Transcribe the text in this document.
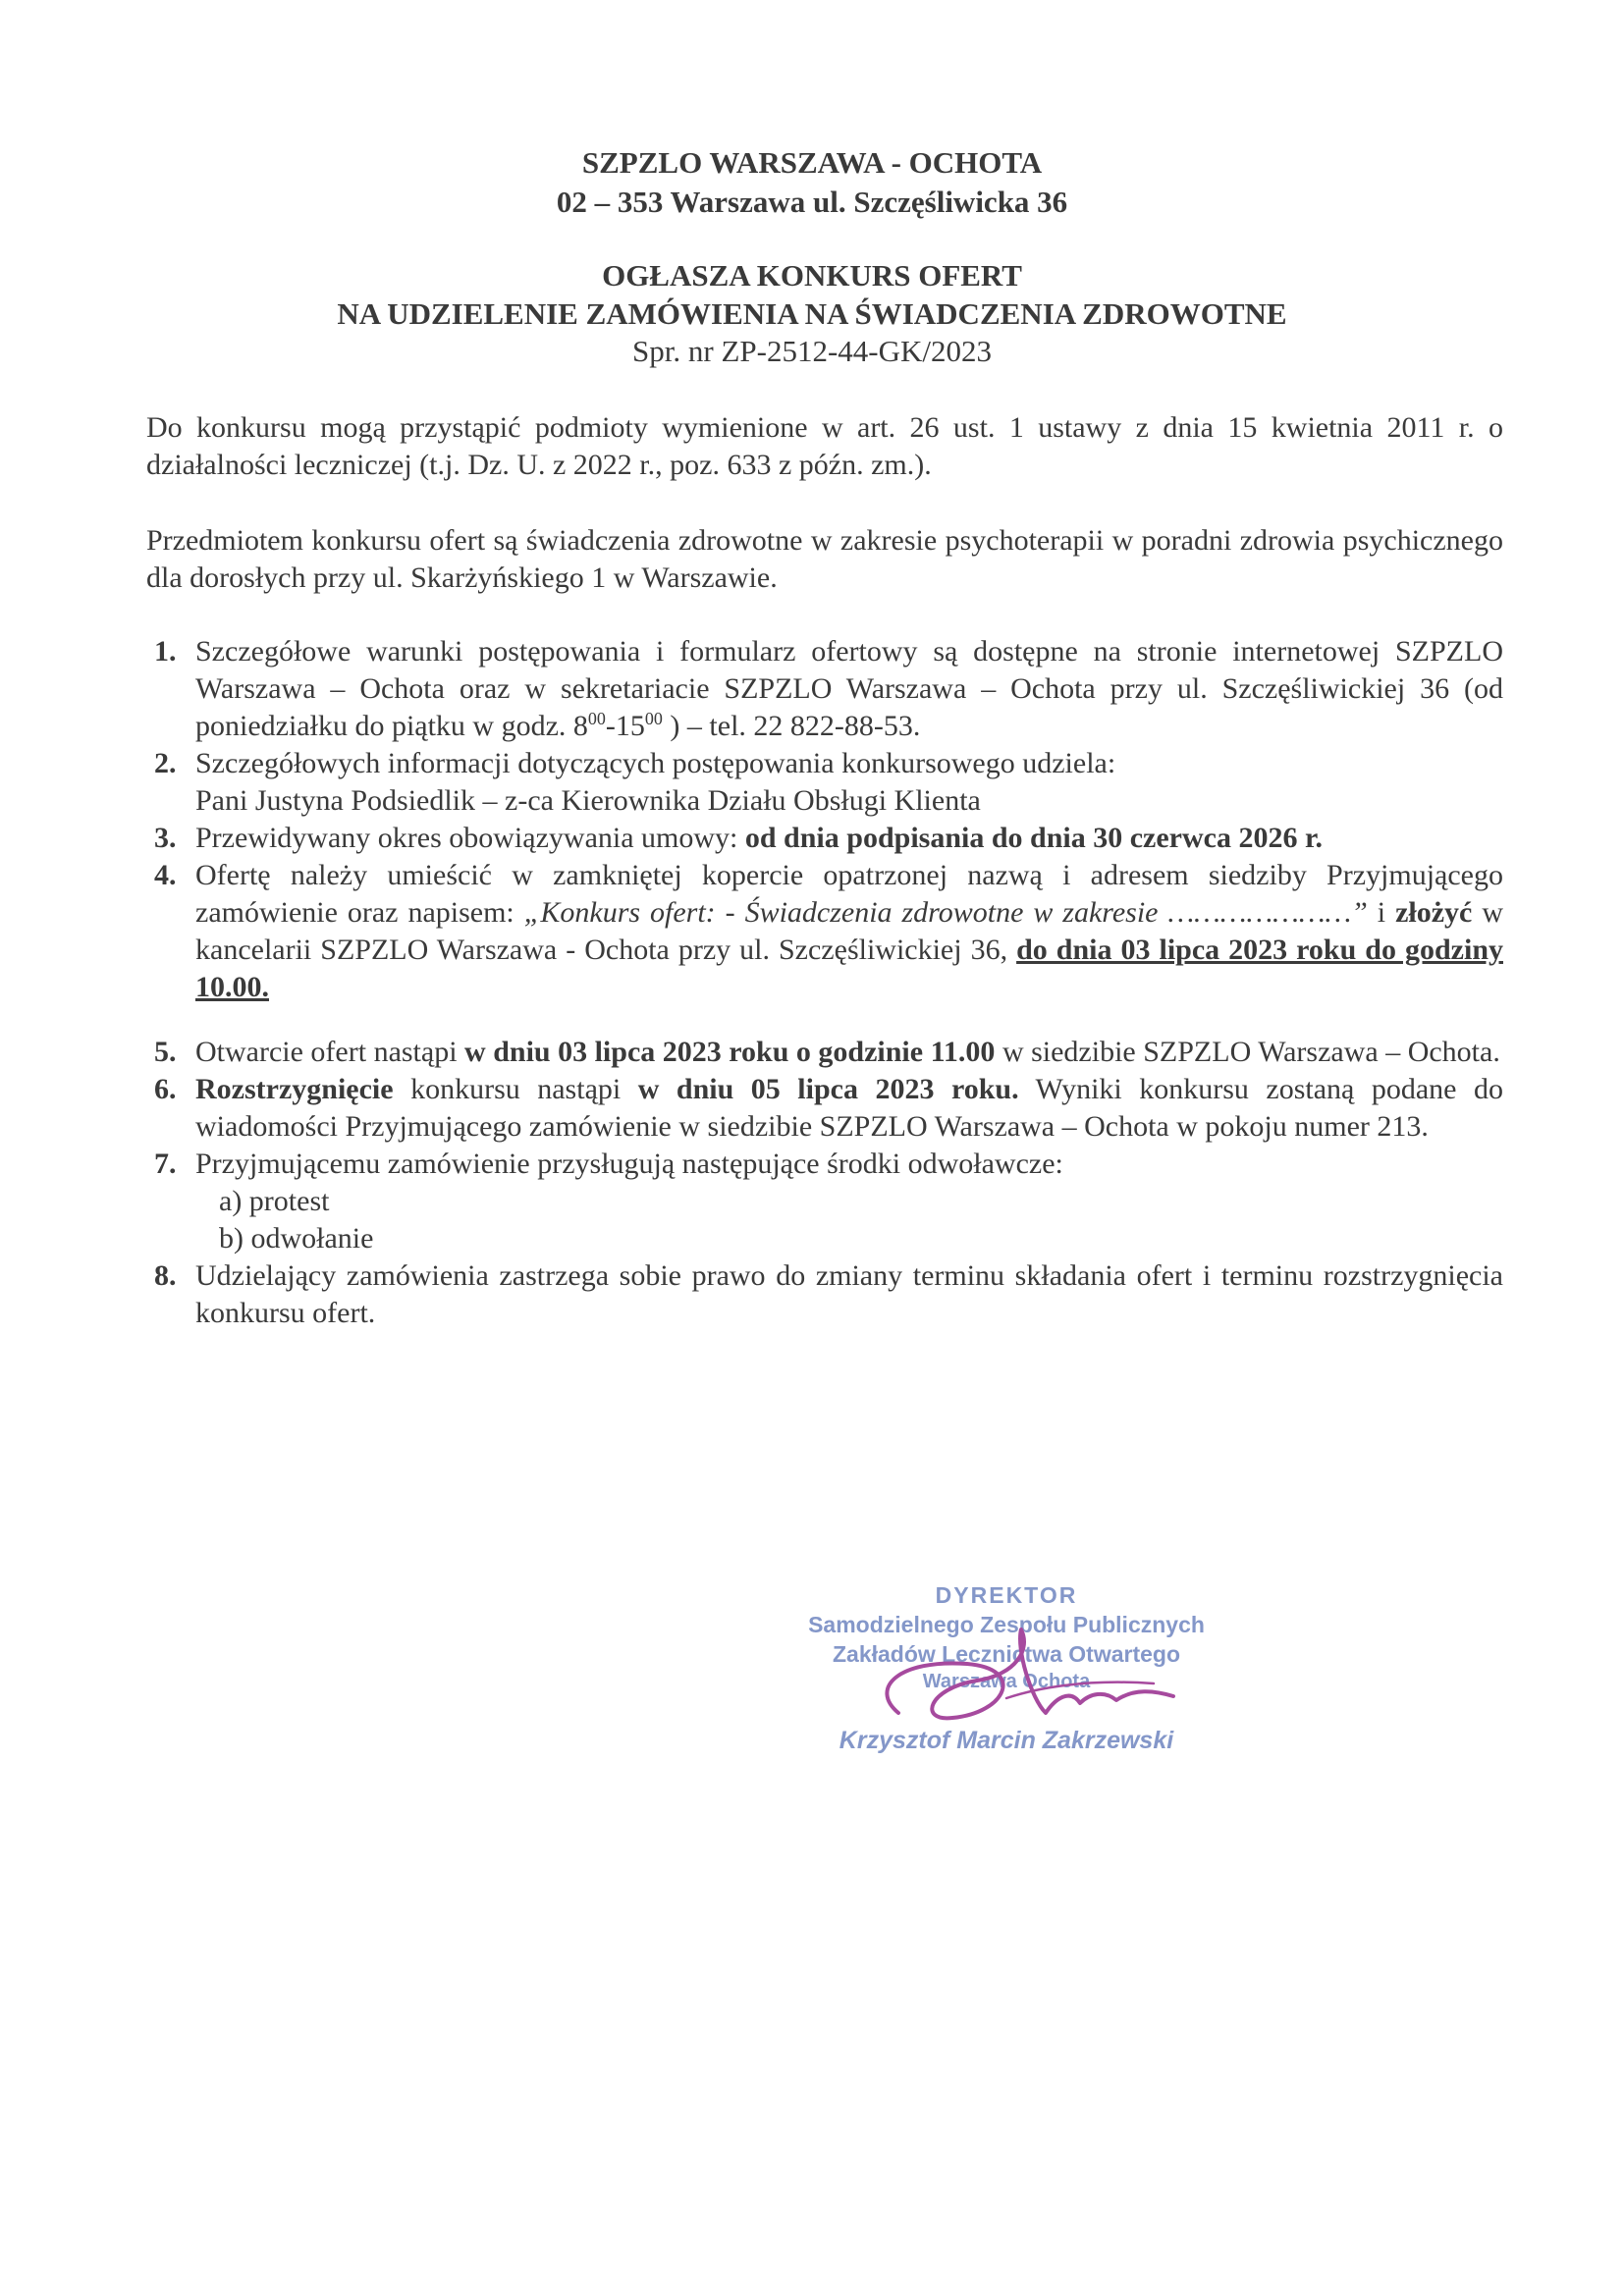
SZPZLO WARSZAWA - OCHOTA
02 – 353 Warszawa ul. Szczęśliwicka 36
OGŁASZA KONKURS OFERT
NA UDZIELENIE ZAMÓWIENIA NA ŚWIADCZENIA ZDROWOTNE
Spr. nr ZP-2512-44-GK/2023
Do konkursu mogą przystąpić podmioty wymienione w art. 26 ust. 1 ustawy z dnia 15 kwietnia 2011 r. o działalności leczniczej (t.j. Dz. U. z 2022 r., poz. 633 z późn. zm.).
Przedmiotem konkursu ofert są świadczenia zdrowotne w zakresie psychoterapii w poradni zdrowia psychicznego dla dorosłych przy ul. Skarżyńskiego 1 w Warszawie.
1. Szczegółowe warunki postępowania i formularz ofertowy są dostępne na stronie internetowej SZPZLO Warszawa – Ochota oraz w sekretariacie SZPZLO Warszawa – Ochota przy ul. Szczęśliwickiej 36 (od poniedziałku do piątku w godz. $8^{00}-15^{00}$ ) – tel. 22 822-88-53.
2. Szczegółowych informacji dotyczących postępowania konkursowego udziela:
Pani Justyna Podsiedlik – z-ca Kierownika Działu Obsługi Klienta
3. Przewidywany okres obowiązywania umowy: od dnia podpisania do dnia 30 czerwca 2026 r.
4. Ofertę należy umieścić w zamkniętej kopercie opatrzonej nazwą i adresem siedziby Przyjmującego zamówienie oraz napisem: „Konkurs ofert: - Świadczenia zdrowotne w zakresie …………………” i złożyć w kancelarii SZPZLO Warszawa - Ochota przy ul. Szczęśliwickiej 36, do dnia 03 lipca 2023 roku do godziny 10.00.
5. Otwarcie ofert nastąpi w dniu 03 lipca 2023 roku o godzinie 11.00 w siedzibie SZPZLO Warszawa – Ochota.
6. Rozstrzygnięcie konkursu nastąpi w dniu 05 lipca 2023 roku. Wyniki konkursu zostaną podane do wiadomości Przyjmującego zamówienie w siedzibie SZPZLO Warszawa – Ochota w pokoju numer 213.
7. Przyjmującemu zamówienie przysługują następujące środki odwoławcze:
a) protest
b) odwołanie
8. Udzielający zamówienia zastrzega sobie prawo do zmiany terminu składania ofert i terminu rozstrzygnięcia konkursu ofert.
DYREKTOR
Samodzielnego Zespołu Publicznych
Zakładów Lecznictwa Otwartego
Warszawa Ochota
Krzysztof Marcin Zakrzewski
